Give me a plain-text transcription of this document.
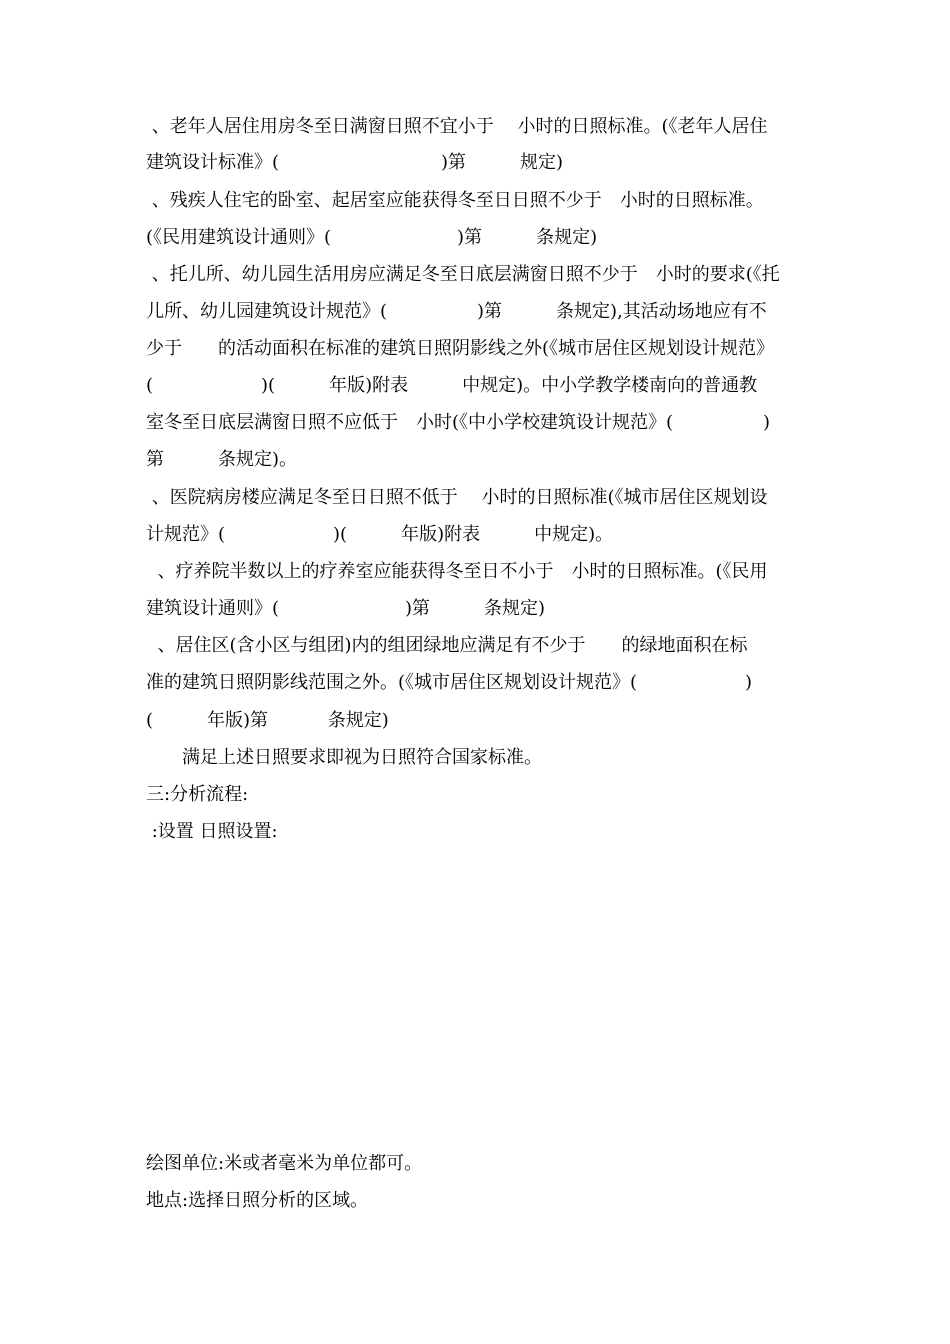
、老年人居住用房冬至日满窗日照不宜小于　 小时的日照标准。(《老年人居住
建筑设计标准》(　　　　　　　　　)第　　　规定)
、残疾人住宅的卧室、起居室应能获得冬至日日照不少于　小时的日照标准。
(《民用建筑设计通则》(　　　　　　　)第　　　条规定)
、托儿所、幼儿园生活用房应满足冬至日底层满窗日照不少于　小时的要求(《托
儿所、幼儿园建筑设计规范》(　　　　　)第　　　条规定),其活动场地应有不
少于　　的活动面积在标准的建筑日照阴影线之外(《城市居住区规划设计规范》
(　　　　　　)(　　　年版)附表　　　中规定)。中小学教学楼南向的普通教
室冬至日底层满窗日照不应低于　小时(《中小学校建筑设计规范》(　　　　　)
第　　　条规定)。
、医院病房楼应满足冬至日日照不低于　 小时的日照标准(《城市居住区规划设
计规范》(　　　　　　)(　　　年版)附表　　　中规定)。
、疗养院半数以上的疗养室应能获得冬至日不小于　小时的日照标准。(《民用
建筑设计通则》(　　　　　　　)第　　　条规定)
、居住区(含小区与组团)内的组团绿地应满足有不少于　　的绿地面积在标
准的建筑日照阴影线范围之外。(《城市居住区规划设计规范》(　　　　　　)
(　　　年版)第　　　 条规定)
　　满足上述日照要求即视为日照符合国家标准。
三:分析流程:
:设置 日照设置:
绘图单位:米或者毫米为单位都可。
地点:选择日照分析的区域。
